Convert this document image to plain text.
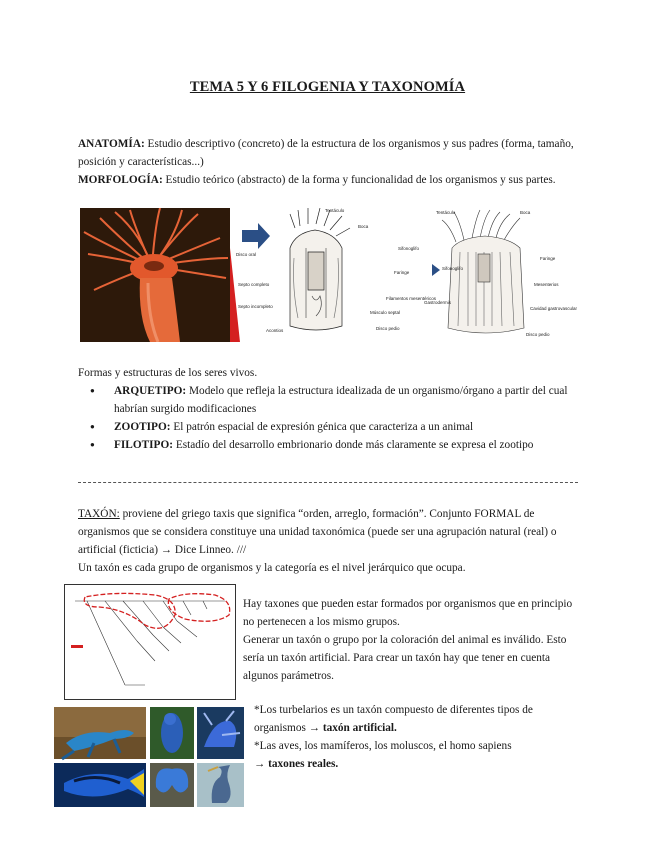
TEMA 5 Y 6 FILOGENIA Y TAXONOMÍA
ANATOMÍA: Estudio descriptivo (concreto) de la estructura de los organismos y sus padres (forma, tamaño, posición y características...)
MORFOLOGÍA: Estudio teórico (abstracto) de la forma y funcionalidad de los organismos y sus partes.
Tentáculo
Boca
Disco oral
Sifonoglifo
Faringe
Septo completo
Filamentos mesentéricos
Septo incompleto
Músculo septal
Acontios	Disco pedio
Tentáculo	Boca
Faringe
Sifonoglifo
Mesenterios
Gastrodermis
Cavidad gastrovascular
Disco pedio
Formas y estructuras de los seres vivos.
● ARQUETIPO: Modelo que refleja la estructura idealizada de un organismo/órgano a partir del cual habrían surgido modificaciones
● ZOOTIPO: El patrón espacial de expresión génica que caracteriza a un animal
● FILOTIPO: Estadío del desarrollo embrionario donde más claramente se expresa el zootipo
TAXÓN: proviene del griego taxis que significa “orden, arreglo, formación”. Conjunto FORMAL de organismos que se considera constituye una unidad taxonómica (puede ser una agrupación natural (real) o artificial (ficticia) → Dice Linneo. ///
Un taxón es cada grupo de organismos y la categoría es el nivel jerárquico que ocupa.
Hay taxones que pueden estar formados por organismos que en principio no pertenecen a los mismo grupos.
Generar un taxón o grupo por la coloración del animal es inválido. Esto sería un taxón artificial. Para crear un taxón hay que tener en cuenta algunos parámetros.
*Los turbelarios es un taxón compuesto de diferentes tipos de organismos → taxón artificial.
*Las aves, los mamíferos, los moluscos, el homo sapiens
→ taxones reales.
